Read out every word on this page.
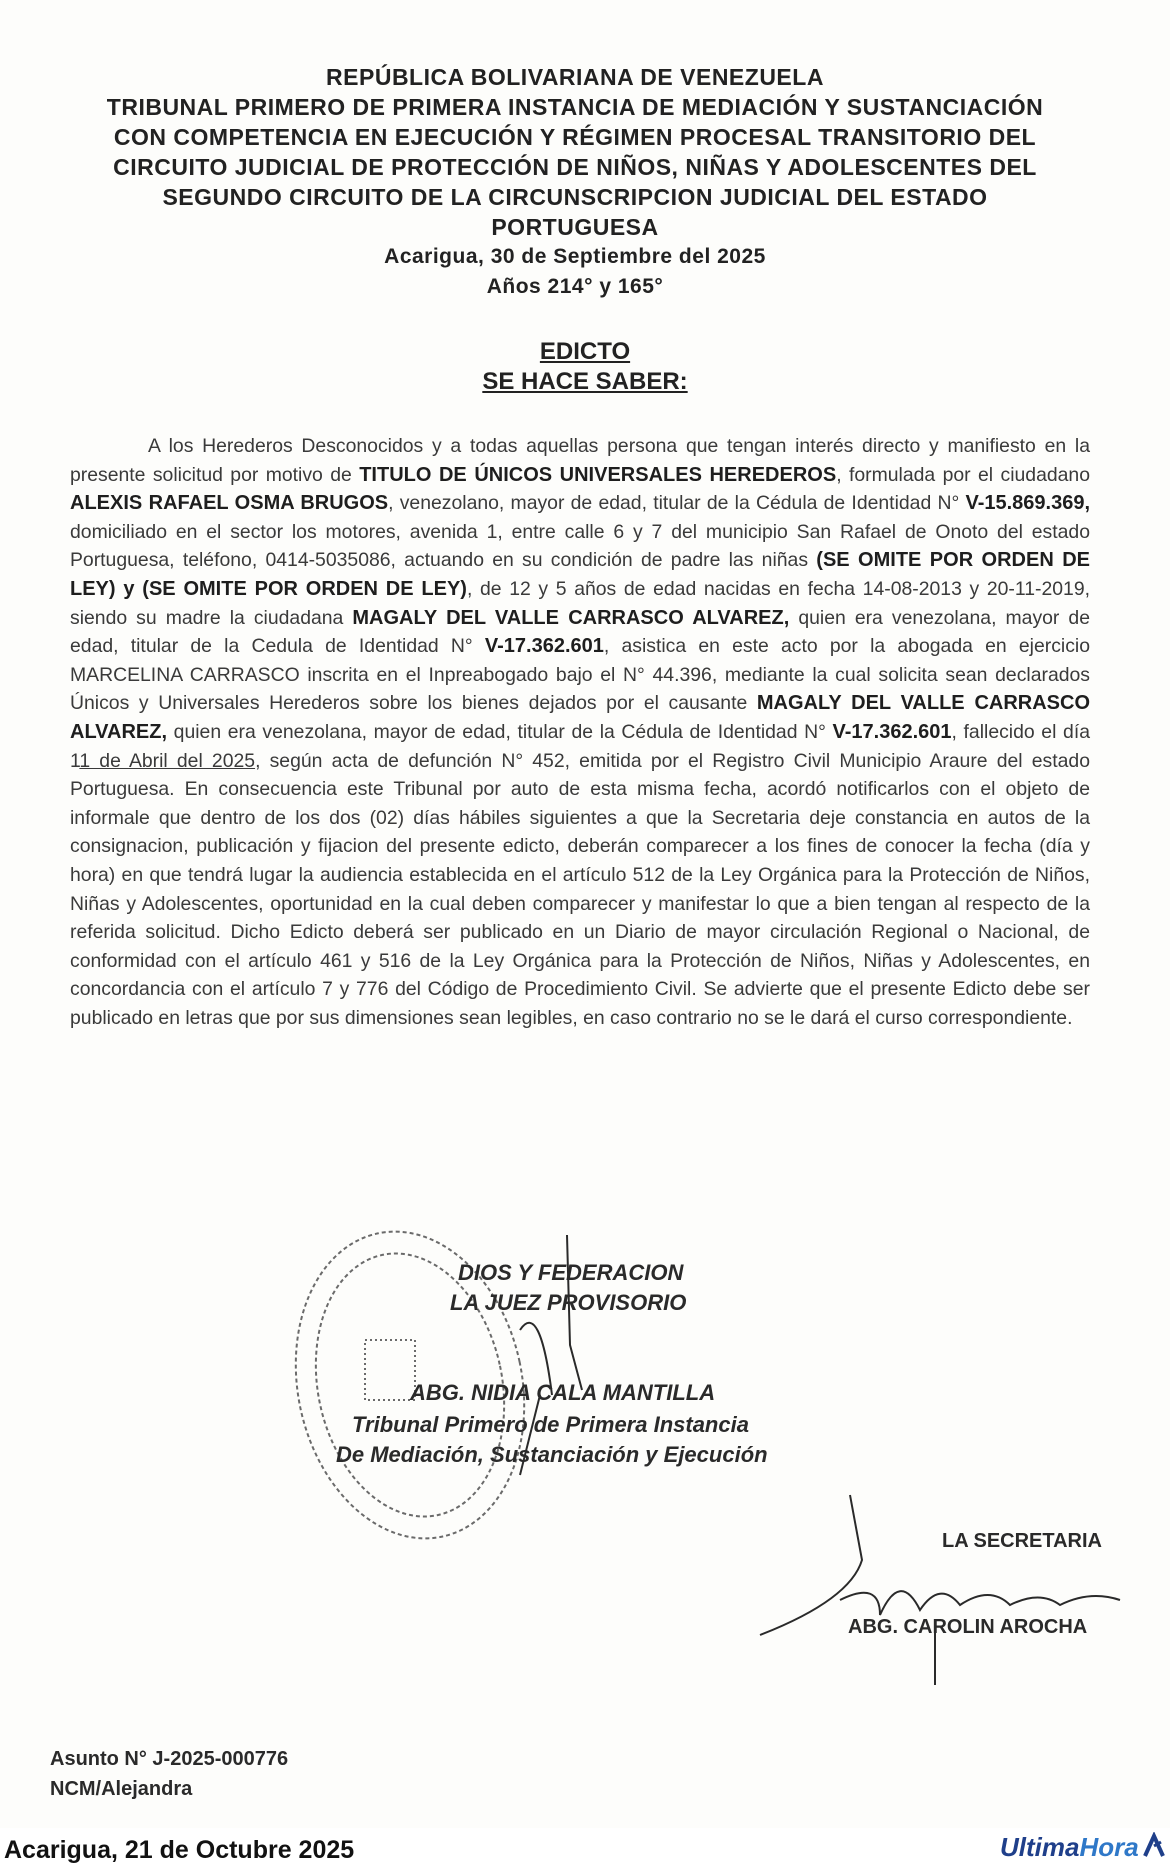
REPÚBLICA BOLIVARIANA DE VENEZUELA
TRIBUNAL PRIMERO DE PRIMERA INSTANCIA DE MEDIACIÓN Y SUSTANCIACIÓN
CON COMPETENCIA EN EJECUCIÓN Y RÉGIMEN PROCESAL TRANSITORIO DEL
CIRCUITO JUDICIAL DE PROTECCIÓN DE NIÑOS, NIÑAS Y ADOLESCENTES DEL
SEGUNDO CIRCUITO DE LA CIRCUNSCRIPCION JUDICIAL DEL ESTADO
PORTUGUESA
Acarigua, 30 de Septiembre del 2025
Años 214° y 165°
EDICTO
SE HACE SABER:
A los Herederos Desconocidos y a todas aquellas persona que tengan interés directo y manifiesto en la presente solicitud por motivo de TITULO DE ÚNICOS UNIVERSALES HEREDEROS, formulada por el ciudadano ALEXIS RAFAEL OSMA BRUGOS, venezolano, mayor de edad, titular de la Cédula de Identidad N° V-15.869.369, domiciliado en el sector los motores, avenida 1, entre calle 6 y 7 del municipio San Rafael de Onoto del estado Portuguesa, teléfono, 0414-5035086, actuando en su condición de padre las niñas (SE OMITE POR ORDEN DE LEY) y (SE OMITE POR ORDEN DE LEY), de 12 y 5 años de edad nacidas en fecha 14-08-2013 y 20-11-2019, siendo su madre la ciudadana MAGALY DEL VALLE CARRASCO ALVAREZ, quien era venezolana, mayor de edad, titular de la Cedula de Identidad N° V-17.362.601, asistica en este acto por la abogada en ejercicio MARCELINA CARRASCO inscrita en el Inpreabogado bajo el N° 44.396, mediante la cual solicita sean declarados Únicos y Universales Herederos sobre los bienes dejados por el causante MAGALY DEL VALLE CARRASCO ALVAREZ, quien era venezolana, mayor de edad, titular de la Cédula de Identidad N° V-17.362.601, fallecido el día 11 de Abril del 2025, según acta de defunción N° 452, emitida por el Registro Civil Municipio Araure del estado Portuguesa. En consecuencia este Tribunal por auto de esta misma fecha, acordó notificarlos con el objeto de informale que dentro de los dos (02) días hábiles siguientes a que la Secretaria deje constancia en autos de la consignacion, publicación y fijacion del presente edicto, deberán comparecer a los fines de conocer la fecha (día y hora) en que tendrá lugar la audiencia establecida en el artículo 512 de la Ley Orgánica para la Protección de Niños, Niñas y Adolescentes, oportunidad en la cual deben comparecer y manifestar lo que a bien tengan al respecto de la referida solicitud. Dicho Edicto deberá ser publicado en un Diario de mayor circulación Regional o Nacional, de conformidad con el artículo 461 y 516 de la Ley Orgánica para la Protección de Niños, Niñas y Adolescentes, en concordancia con el artículo 7 y 776 del Código de Procedimiento Civil. Se advierte que el presente Edicto debe ser publicado en letras que por sus dimensiones sean legibles, en caso contrario no se le dará el curso correspondiente.
DIOS Y FEDERACION
LA JUEZ PROVISORIO
ABG. NIDIA CALA MANTILLA
Tribunal Primero de Primera Instancia
De Mediación, Sustanciación y Ejecución
LA SECRETARIA
ABG. CAROLIN AROCHA
Asunto N° J-2025-000776
NCM/Alejandra
Acarigua, 21 de Octubre 2025	UltimaHora
